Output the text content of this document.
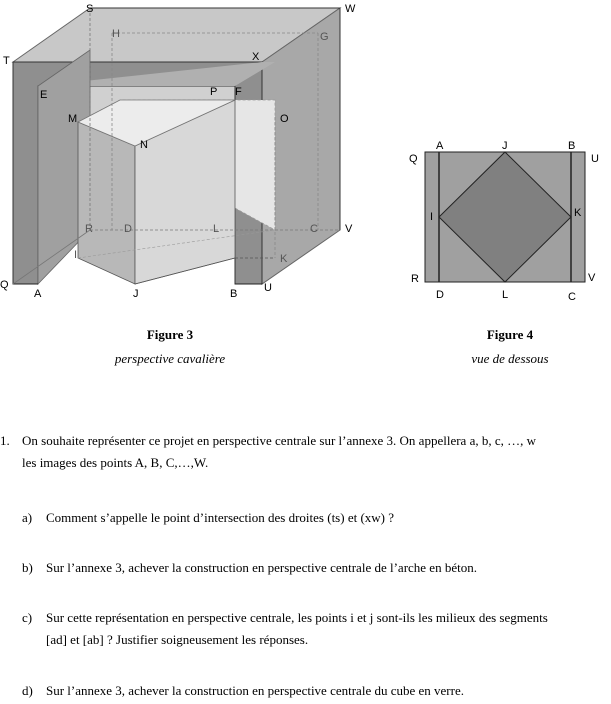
S	W
H	G
T	X
E	P F
M
N
O
R	D	L	C V
I	K
Q
A	J	B U
Figure 3
perspective cavalière
Q
A	J	B
U
I	K
R	V
D	L	C
Figure 4
vue de dessous
1. On souhaite représenter ce projet en perspective centrale sur l’annexe 3. On appellera a, b, c, …, w
les images des points A, B, C,…,W.
a) Comment s’appelle le point d’intersection des droites (ts) et (xw) ?
b) Sur l’annexe 3, achever la construction en perspective centrale de l’arche en béton.
c) Sur cette représentation en perspective centrale, les points i et j sont-ils les milieux des segments
[ad] et [ab] ? Justifier soigneusement les réponses.
d) Sur l’annexe 3, achever la construction en perspective centrale du cube en verre.
